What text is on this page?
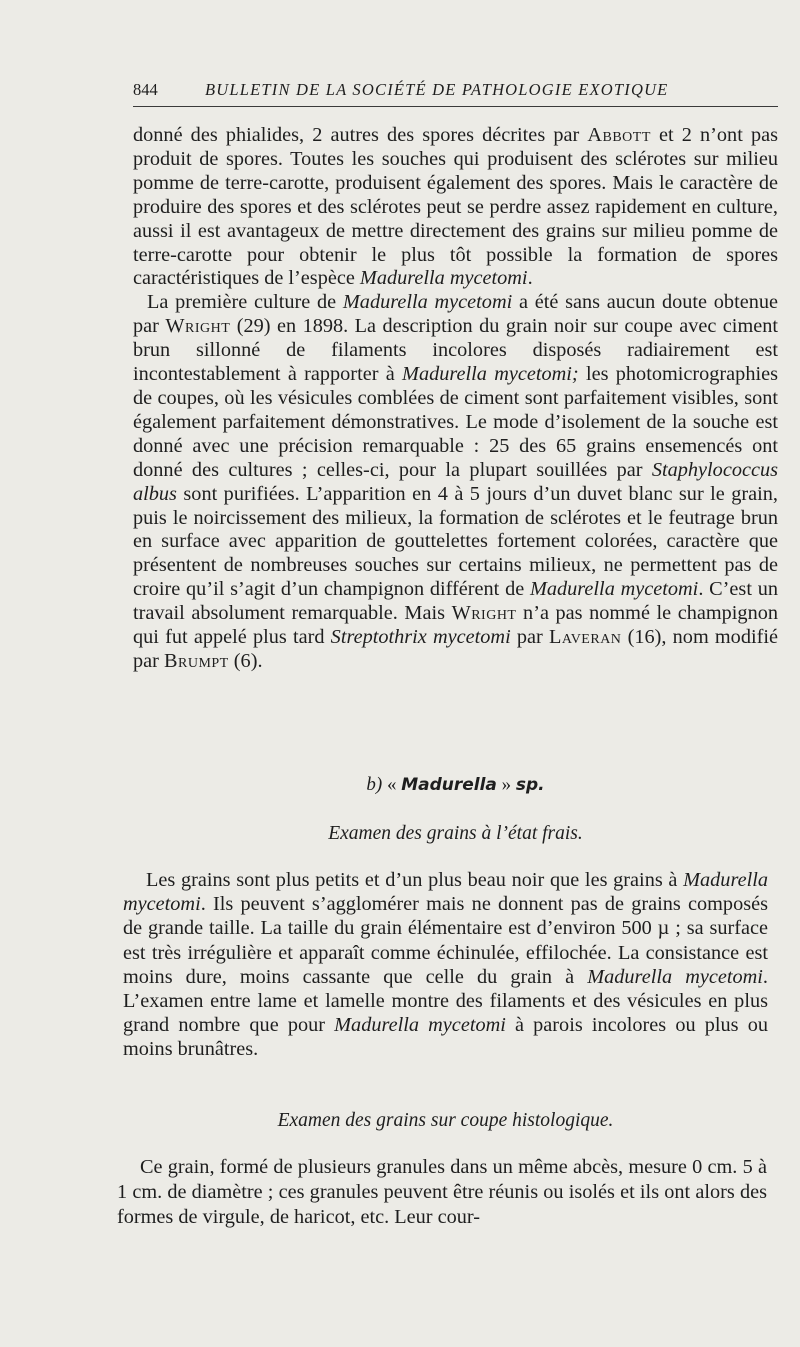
844	BULLETIN DE LA SOCIÉTÉ DE PATHOLOGIE EXOTIQUE

donné des phialides, 2 autres des spores décrites par Abbott et 2 n’ont pas produit de spores. Toutes les souches qui produisent des sclérotes sur milieu pomme de terre-carotte, produisent également des spores. Mais le caractère de produire des spores et des sclérotes peut se perdre assez rapidement en culture, aussi il est avantageux de mettre directement des grains sur milieu pomme de terre-carotte pour obtenir le plus tôt possible la formation de spores caractéristiques de l’espèce Madurella mycetomi.

La première culture de Madurella mycetomi a été sans aucun doute obtenue par Wright (29) en 1898. La description du grain noir sur coupe avec ciment brun sillonné de filaments incolores disposés radiairement est incontestablement à rapporter à Madurella mycetomi; les photomicrographies de coupes, où les vésicules comblées de ciment sont parfaitement visibles, sont également parfaitement démonstratives. Le mode d’isolement de la souche est donné avec une précision remarquable : 25 des 65 grains ensemencés ont donné des cultures ; celles-ci, pour la plupart souillées par Staphylococcus albus sont purifiées. L’apparition en 4 à 5 jours d’un duvet blanc sur le grain, puis le noircissement des milieux, la formation de sclérotes et le feutrage brun en surface avec apparition de gouttelettes fortement colorées, caractère que présentent de nombreuses souches sur certains milieux, ne permettent pas de croire qu’il s’agit d’un champignon différent de Madurella mycetomi. C’est un travail absolument remarquable. Mais Wright n’a pas nommé le champignon qui fut appelé plus tard Streptothrix mycetomi par Laveran (16), nom modifié par Brumpt (6).

b) « Madurella » sp.
Examen des grains à l’état frais.

Les grains sont plus petits et d’un plus beau noir que les grains à Madurella mycetomi. Ils peuvent s’agglomérer mais ne donnent pas de grains composés de grande taille. La taille du grain élémentaire est d’environ 500 µ ; sa surface est très irrégulière et apparaît comme échinulée, effilochée. La consistance est moins dure, moins cassante que celle du grain à Madurella mycetomi. L’examen entre lame et lamelle montre des filaments et des vésicules en plus grand nombre que pour Madurella mycetomi à parois incolores ou plus ou moins brunâtres.

Examen des grains sur coupe histologique.

Ce grain, formé de plusieurs granules dans un même abcès, mesure 0 cm. 5 à 1 cm. de diamètre ; ces granules peuvent être réunis ou isolés et ils ont alors des formes de virgule, de haricot, etc. Leur cour-
